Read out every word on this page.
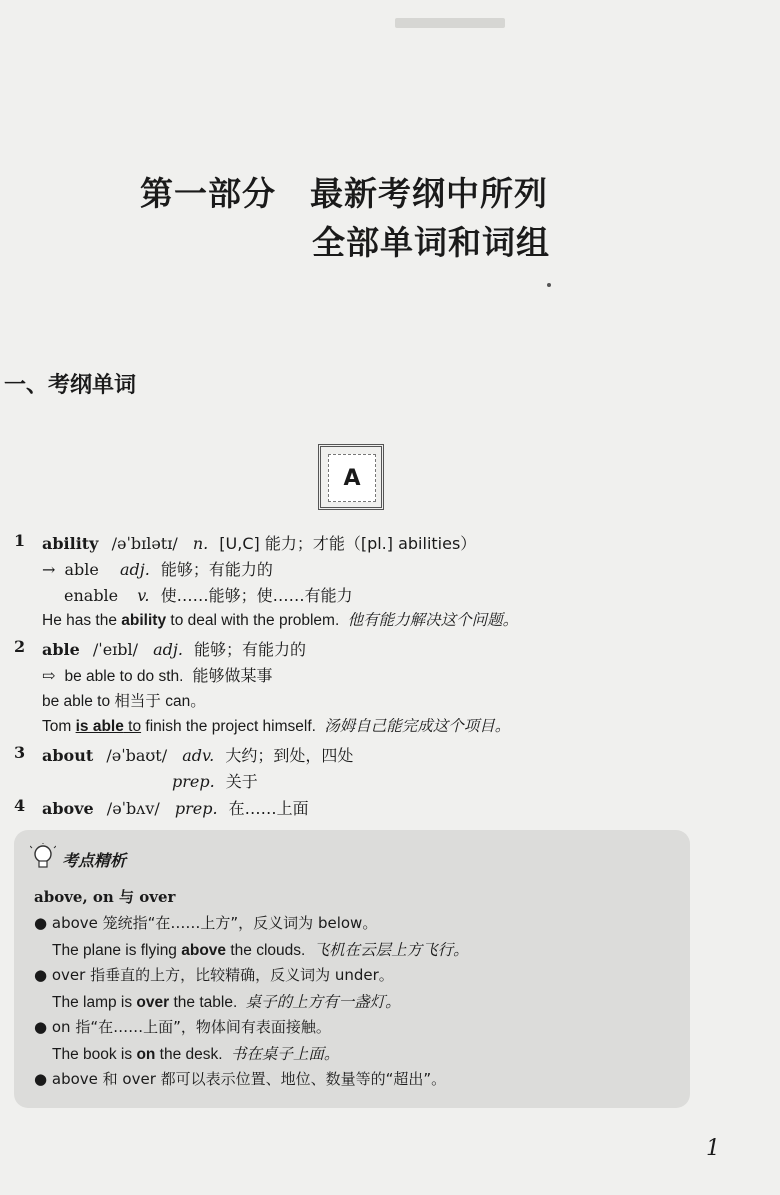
第一部分　最新考纲中所列
全部单词和词组
一、考纲单词
A
1 ability /əˈbɪlətɪ/ n. [U,C] 能力；才能（[pl.] abilities）
→ able adj. 能够；有能力的
enable v. 使……能够；使……有能力
He has the ability to deal with the problem. 他有能力解决这个问题。
2 able /ˈeɪbl/ adj. 能够；有能力的
⇨ be able to do sth. 能够做某事
be able to 相当于 can。
Tom is able to finish the project himself. 汤姆自己能完成这个项目。
3 about /əˈbaʊt/ adv. 大约；到处，四处
prep. 关于
4 above /əˈbʌv/ prep. 在……上面
考点精析
above, on 与 over
● above 笼统指“在……上方”，反义词为 below。
The plane is flying above the clouds. 飞机在云层上方飞行。
● over 指垂直的上方，比较精确，反义词为 under。
The lamp is over the table. 桌子的上方有一盏灯。
● on 指“在……上面”，物体间有表面接触。
The book is on the desk. 书在桌子上面。
● above 和 over 都可以表示位置、地位、数量等的“超出”。
1
